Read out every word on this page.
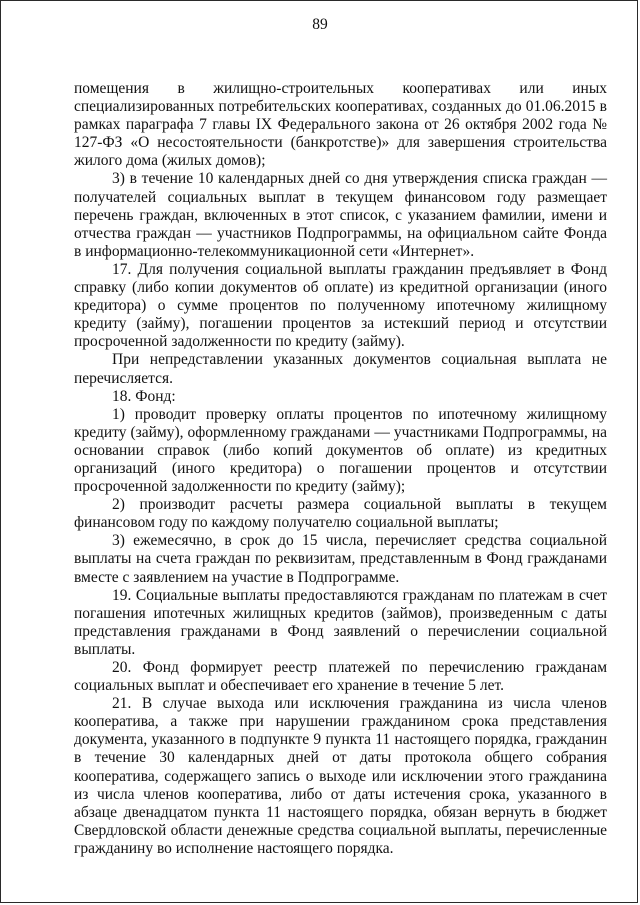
89

помещения в жилищно-строительных кооперативах или иных специализированных потребительских кооперативах, созданных до 01.06.2015 в рамках параграфа 7 главы IX Федерального закона от 26 октября 2002 года № 127-ФЗ «О несостоятельности (банкротстве)» для завершения строительства жилого дома (жилых домов);

3) в течение 10 календарных дней со дня утверждения списка граждан — получателей социальных выплат в текущем финансовом году размещает перечень граждан, включенных в этот список, с указанием фамилии, имени и отчества граждан — участников Подпрограммы, на официальном сайте Фонда в информационно-телекоммуникационной сети «Интернет».

17. Для получения социальной выплаты гражданин предъявляет в Фонд справку (либо копии документов об оплате) из кредитной организации (иного кредитора) о сумме процентов по полученному ипотечному жилищному кредиту (займу), погашении процентов за истекший период и отсутствии просроченной задолженности по кредиту (займу).

При непредставлении указанных документов социальная выплата не перечисляется.

18. Фонд:

1) проводит проверку оплаты процентов по ипотечному жилищному кредиту (займу), оформленному гражданами — участниками Подпрограммы, на основании справок (либо копий документов об оплате) из кредитных организаций (иного кредитора) о погашении процентов и отсутствии просроченной задолженности по кредиту (займу);

2) производит расчеты размера социальной выплаты в текущем финансовом году по каждому получателю социальной выплаты;

3) ежемесячно, в срок до 15 числа, перечисляет средства социальной выплаты на счета граждан по реквизитам, представленным в Фонд гражданами вместе с заявлением на участие в Подпрограмме.

19. Социальные выплаты предоставляются гражданам по платежам в счет погашения ипотечных жилищных кредитов (займов), произведенным с даты представления гражданами в Фонд заявлений о перечислении социальной выплаты.

20. Фонд формирует реестр платежей по перечислению гражданам социальных выплат и обеспечивает его хранение в течение 5 лет.

21. В случае выхода или исключения гражданина из числа членов кооператива, а также при нарушении гражданином срока представления документа, указанного в подпункте 9 пункта 11 настоящего порядка, гражданин в течение 30 календарных дней от даты протокола общего собрания кооператива, содержащего запись о выходе или исключении этого гражданина из числа членов кооператива, либо от даты истечения срока, указанного в абзаце двенадцатом пункта 11 настоящего порядка, обязан вернуть в бюджет Свердловской области денежные средства социальной выплаты, перечисленные гражданину во исполнение настоящего порядка.
